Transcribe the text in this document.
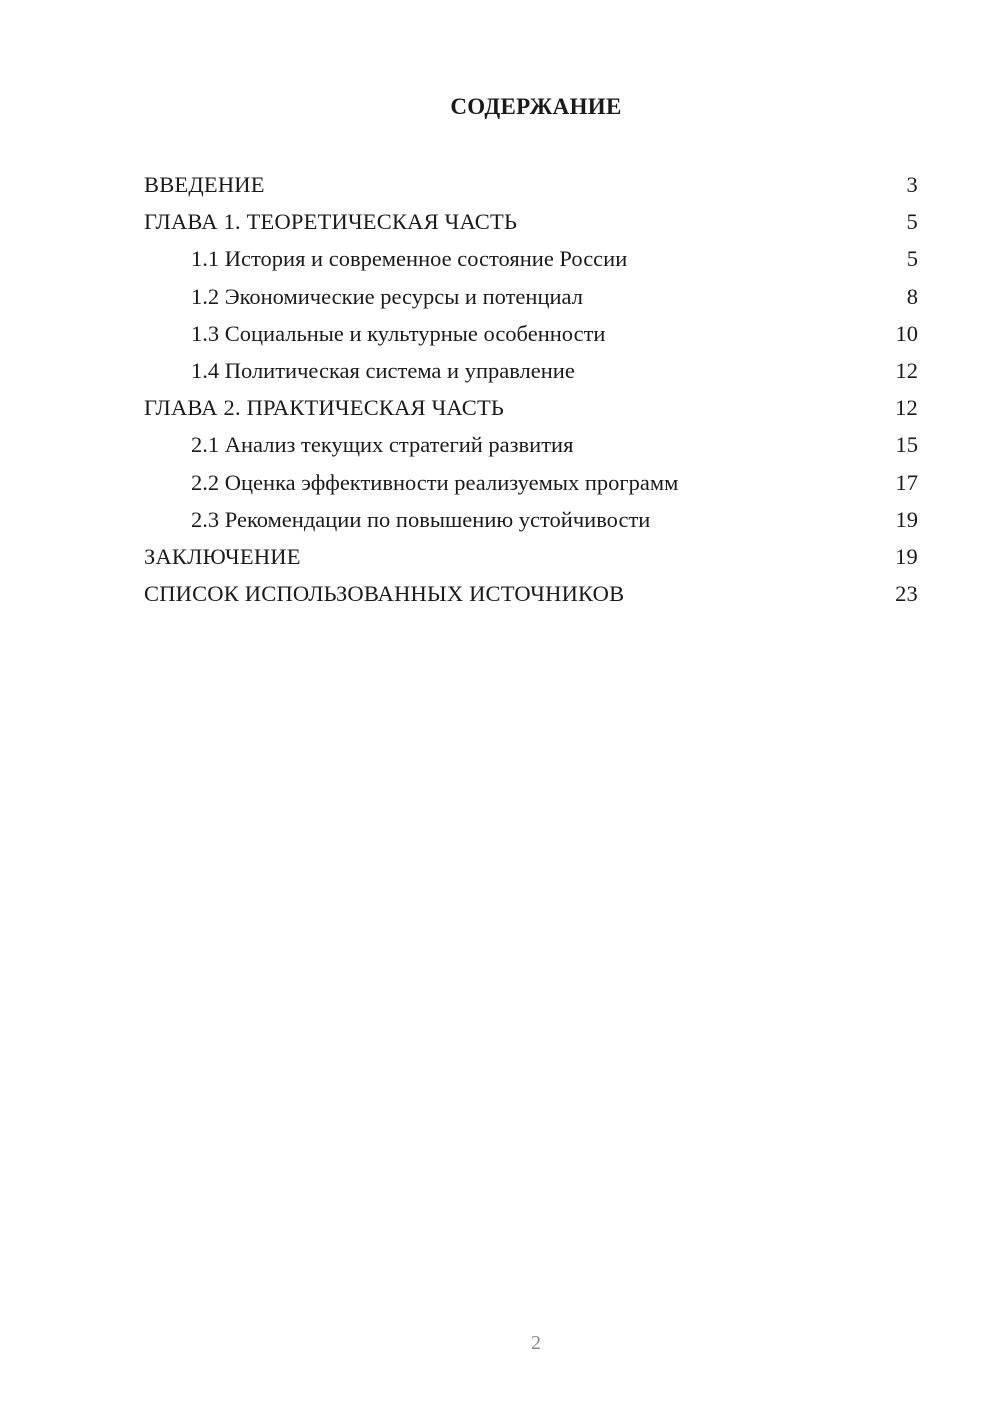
СОДЕРЖАНИЕ
ВВЕДЕНИЕ	3
ГЛАВА 1. ТЕОРЕТИЧЕСКАЯ ЧАСТЬ	5
1.1 История и современное состояние России	5
1.2 Экономические ресурсы и потенциал	8
1.3 Социальные и культурные особенности	10
1.4 Политическая система и управление	12
ГЛАВА 2. ПРАКТИЧЕСКАЯ ЧАСТЬ	12
2.1 Анализ текущих стратегий развития	15
2.2 Оценка эффективности реализуемых программ	17
2.3 Рекомендации по повышению устойчивости	19
ЗАКЛЮЧЕНИЕ	19
СПИСОК ИСПОЛЬЗОВАННЫХ ИСТОЧНИКОВ	23
2
